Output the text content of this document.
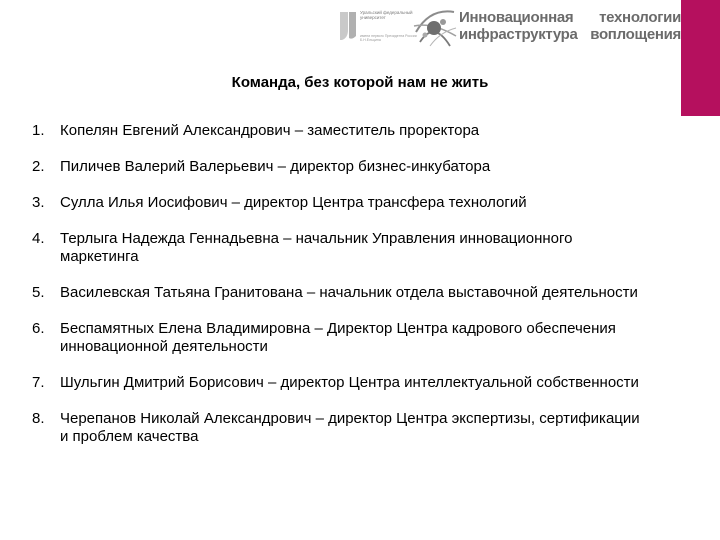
Уральский федеральный университет
имени первого Президента России Б.Н.Ельцина
Инновационная
инфраструктура
технологии
воплощения
Команда, без которой нам не жить
1. Копелян Евгений Александрович – заместитель проректора
2. Пиличев Валерий Валерьевич – директор бизнес-инкубатора
3. Сулла Илья Иосифович – директор Центра трансфера технологий
4. Терлыга Надежда Геннадьевна – начальник Управления инновационного маркетинга
5. Василевская Татьяна Гранитована – начальник отдела выставочной деятельности
6. Беспамятных Елена Владимировна – Директор Центра кадрового обеспечения инновационной деятельности
7. Шульгин Дмитрий Борисович – директор Центра интеллектуальной собственности
8. Черепанов Николай Александрович – директор Центра экспертизы, сертификации и проблем качества
